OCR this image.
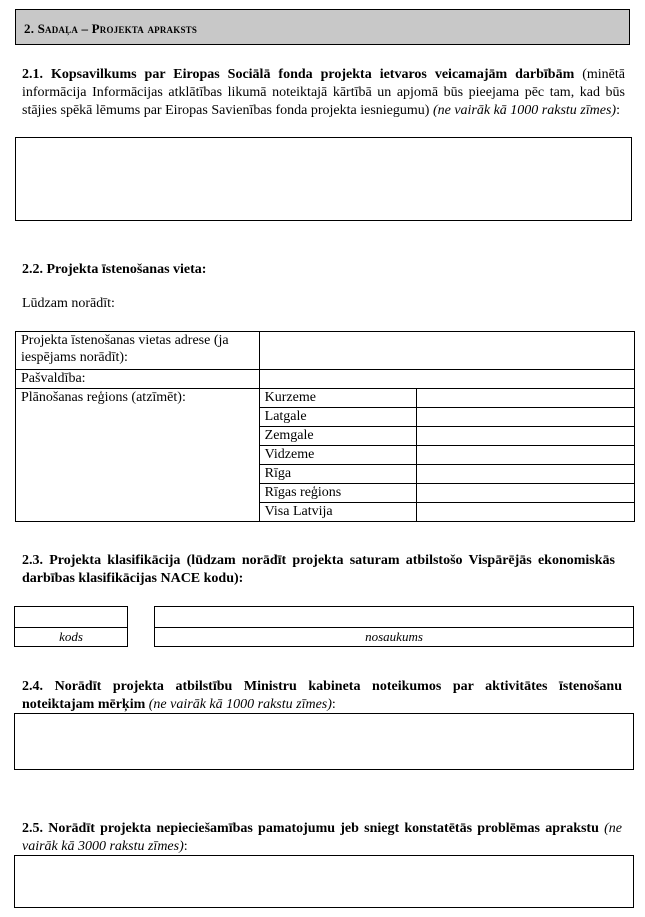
2. Sadaļa – Projekta apraksts
2.1. Kopsavilkums par Eiropas Sociālā fonda projekta ietvaros veicamajām darbībām (minētā informācija Informācijas atklātības likumā noteiktajā kārtībā un apjomā būs pieejama pēc tam, kad būs stājies spēkā lēmums par Eiropas Savienības fonda projekta iesniegumu) (ne vairāk kā 1000 rakstu zīmes):
2.2. Projekta īstenošanas vieta:
Lūdzam norādīt:
Projekta īstenošanas vietas adrese (ja iespējams norādīt):		
Pašvaldība:		
Plānošanas reģions (atzīmēt):	Kurzeme	
	Latgale	
	Zemgale	
	Vidzeme	
	Rīga	
	Rīgas reģions	
	Visa Latvija	
2.3. Projekta klasifikācija (lūdzam norādīt projekta saturam atbilstošo Vispārējās ekonomiskās darbības klasifikācijas NACE kodu):
kods	nosaukums
2.4. Norādīt projekta atbilstību Ministru kabineta noteikumos par aktivitātes īstenošanu noteiktajam mērķim (ne vairāk kā 1000 rakstu zīmes):
2.5. Norādīt projekta nepieciešamības pamatojumu jeb sniegt konstatētās problēmas aprakstu (ne vairāk kā 3000 rakstu zīmes):
